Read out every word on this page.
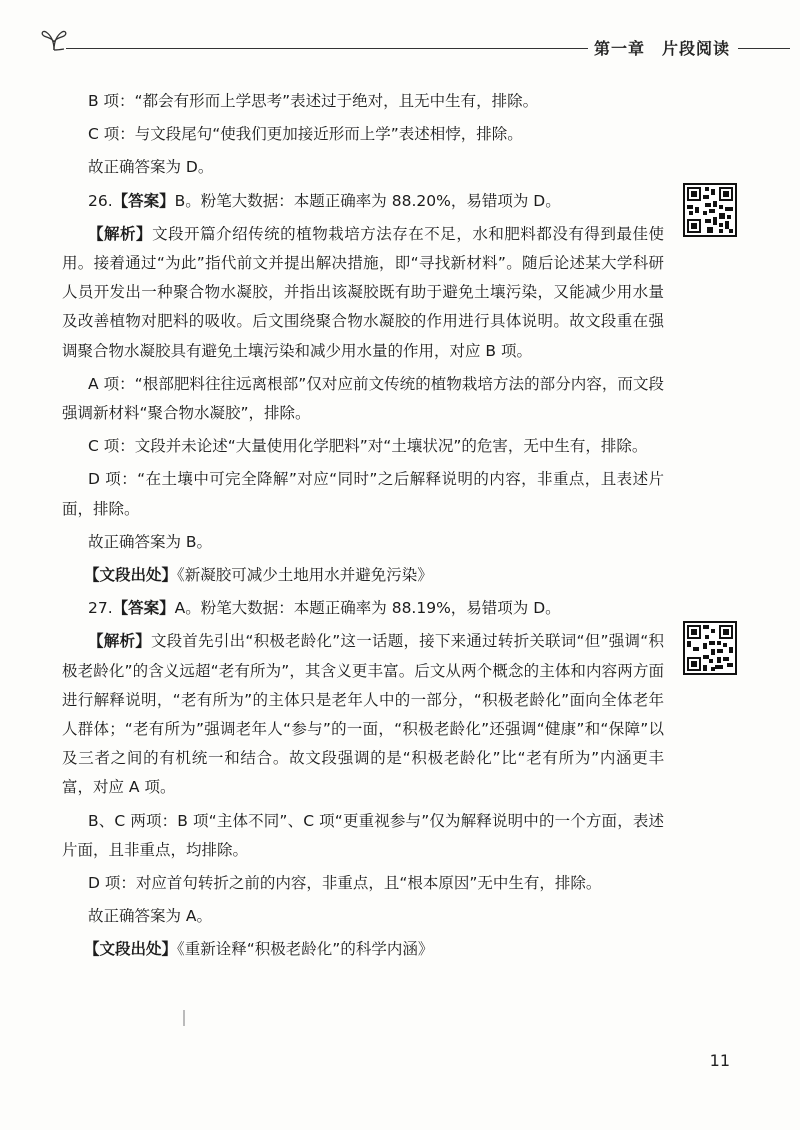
第一章　片段阅读

B 项：“都会有形而上学思考”表述过于绝对，且无中生有，排除。

C 项：与文段尾句“使我们更加接近形而上学”表述相悖，排除。

故正确答案为 D。

26.【答案】B。粉笔大数据：本题正确率为 88.20%，易错项为 D。

【解析】文段开篇介绍传统的植物栽培方法存在不足，水和肥料都没有得到最佳使用。接着通过“为此”指代前文并提出解决措施，即“寻找新材料”。随后论述某大学科研人员开发出一种聚合物水凝胶，并指出该凝胶既有助于避免土壤污染，又能减少用水量及改善植物对肥料的吸收。后文围绕聚合物水凝胶的作用进行具体说明。故文段重在强调聚合物水凝胶具有避免土壤污染和减少用水量的作用，对应 B 项。

A 项：“根部肥料往往远离根部”仅对应前文传统的植物栽培方法的部分内容，而文段强调新材料“聚合物水凝胶”，排除。

C 项：文段并未论述“大量使用化学肥料”对“土壤状况”的危害，无中生有，排除。

D 项：“在土壤中可完全降解”对应“同时”之后解释说明的内容，非重点，且表述片面，排除。

故正确答案为 B。

【文段出处】《新凝胶可减少土地用水并避免污染》

27.【答案】A。粉笔大数据：本题正确率为 88.19%，易错项为 D。

【解析】文段首先引出“积极老龄化”这一话题，接下来通过转折关联词“但”强调“积极老龄化”的含义远超“老有所为”，其含义更丰富。后文从两个概念的主体和内容两方面进行解释说明，“老有所为”的主体只是老年人中的一部分，“积极老龄化”面向全体老年人群体；“老有所为”强调老年人“参与”的一面，“积极老龄化”还强调“健康”和“保障”以及三者之间的有机统一和结合。故文段强调的是“积极老龄化”比“老有所为”内涵更丰富，对应 A 项。

B、C 两项：B 项“主体不同”、C 项“更重视参与”仅为解释说明中的一个方面，表述片面，且非重点，均排除。

D 项：对应首句转折之前的内容，非重点，且“根本原因”无中生有，排除。

故正确答案为 A。

【文段出处】《重新诠释“积极老龄化”的科学内涵》

11
